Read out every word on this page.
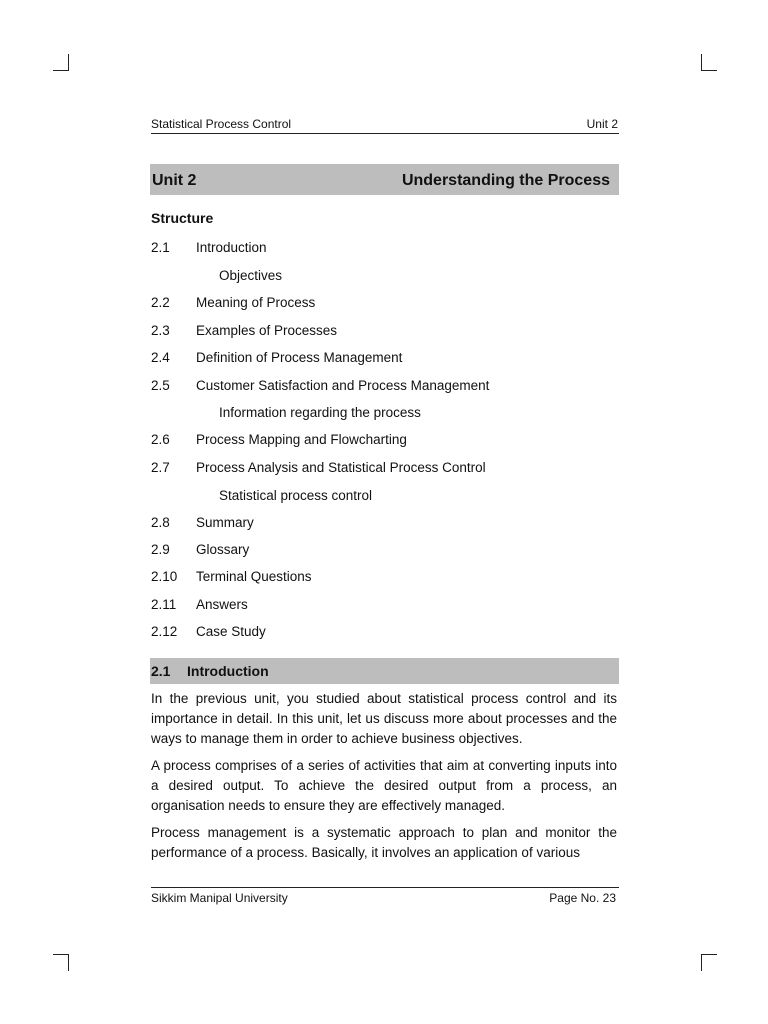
Statistical Process Control	Unit 2
Unit 2	Understanding the Process
Structure
2.1 Introduction
Objectives
2.2 Meaning of Process
2.3 Examples of Processes
2.4 Definition of Process Management
2.5 Customer Satisfaction and Process Management
Information regarding the process
2.6 Process Mapping and Flowcharting
2.7 Process Analysis and Statistical Process Control
Statistical process control
2.8 Summary
2.9 Glossary
2.10 Terminal Questions
2.11 Answers
2.12 Case Study
2.1 Introduction

In the previous unit, you studied about statistical process control and its importance in detail. In this unit, let us discuss more about processes and the ways to manage them in order to achieve business objectives.

A process comprises of a series of activities that aim at converting inputs into a desired output. To achieve the desired output from a process, an organisation needs to ensure they are effectively managed.

Process management is a systematic approach to plan and monitor the performance of a process. Basically, it involves an application of various

Sikkim Manipal University	Page No. 23
